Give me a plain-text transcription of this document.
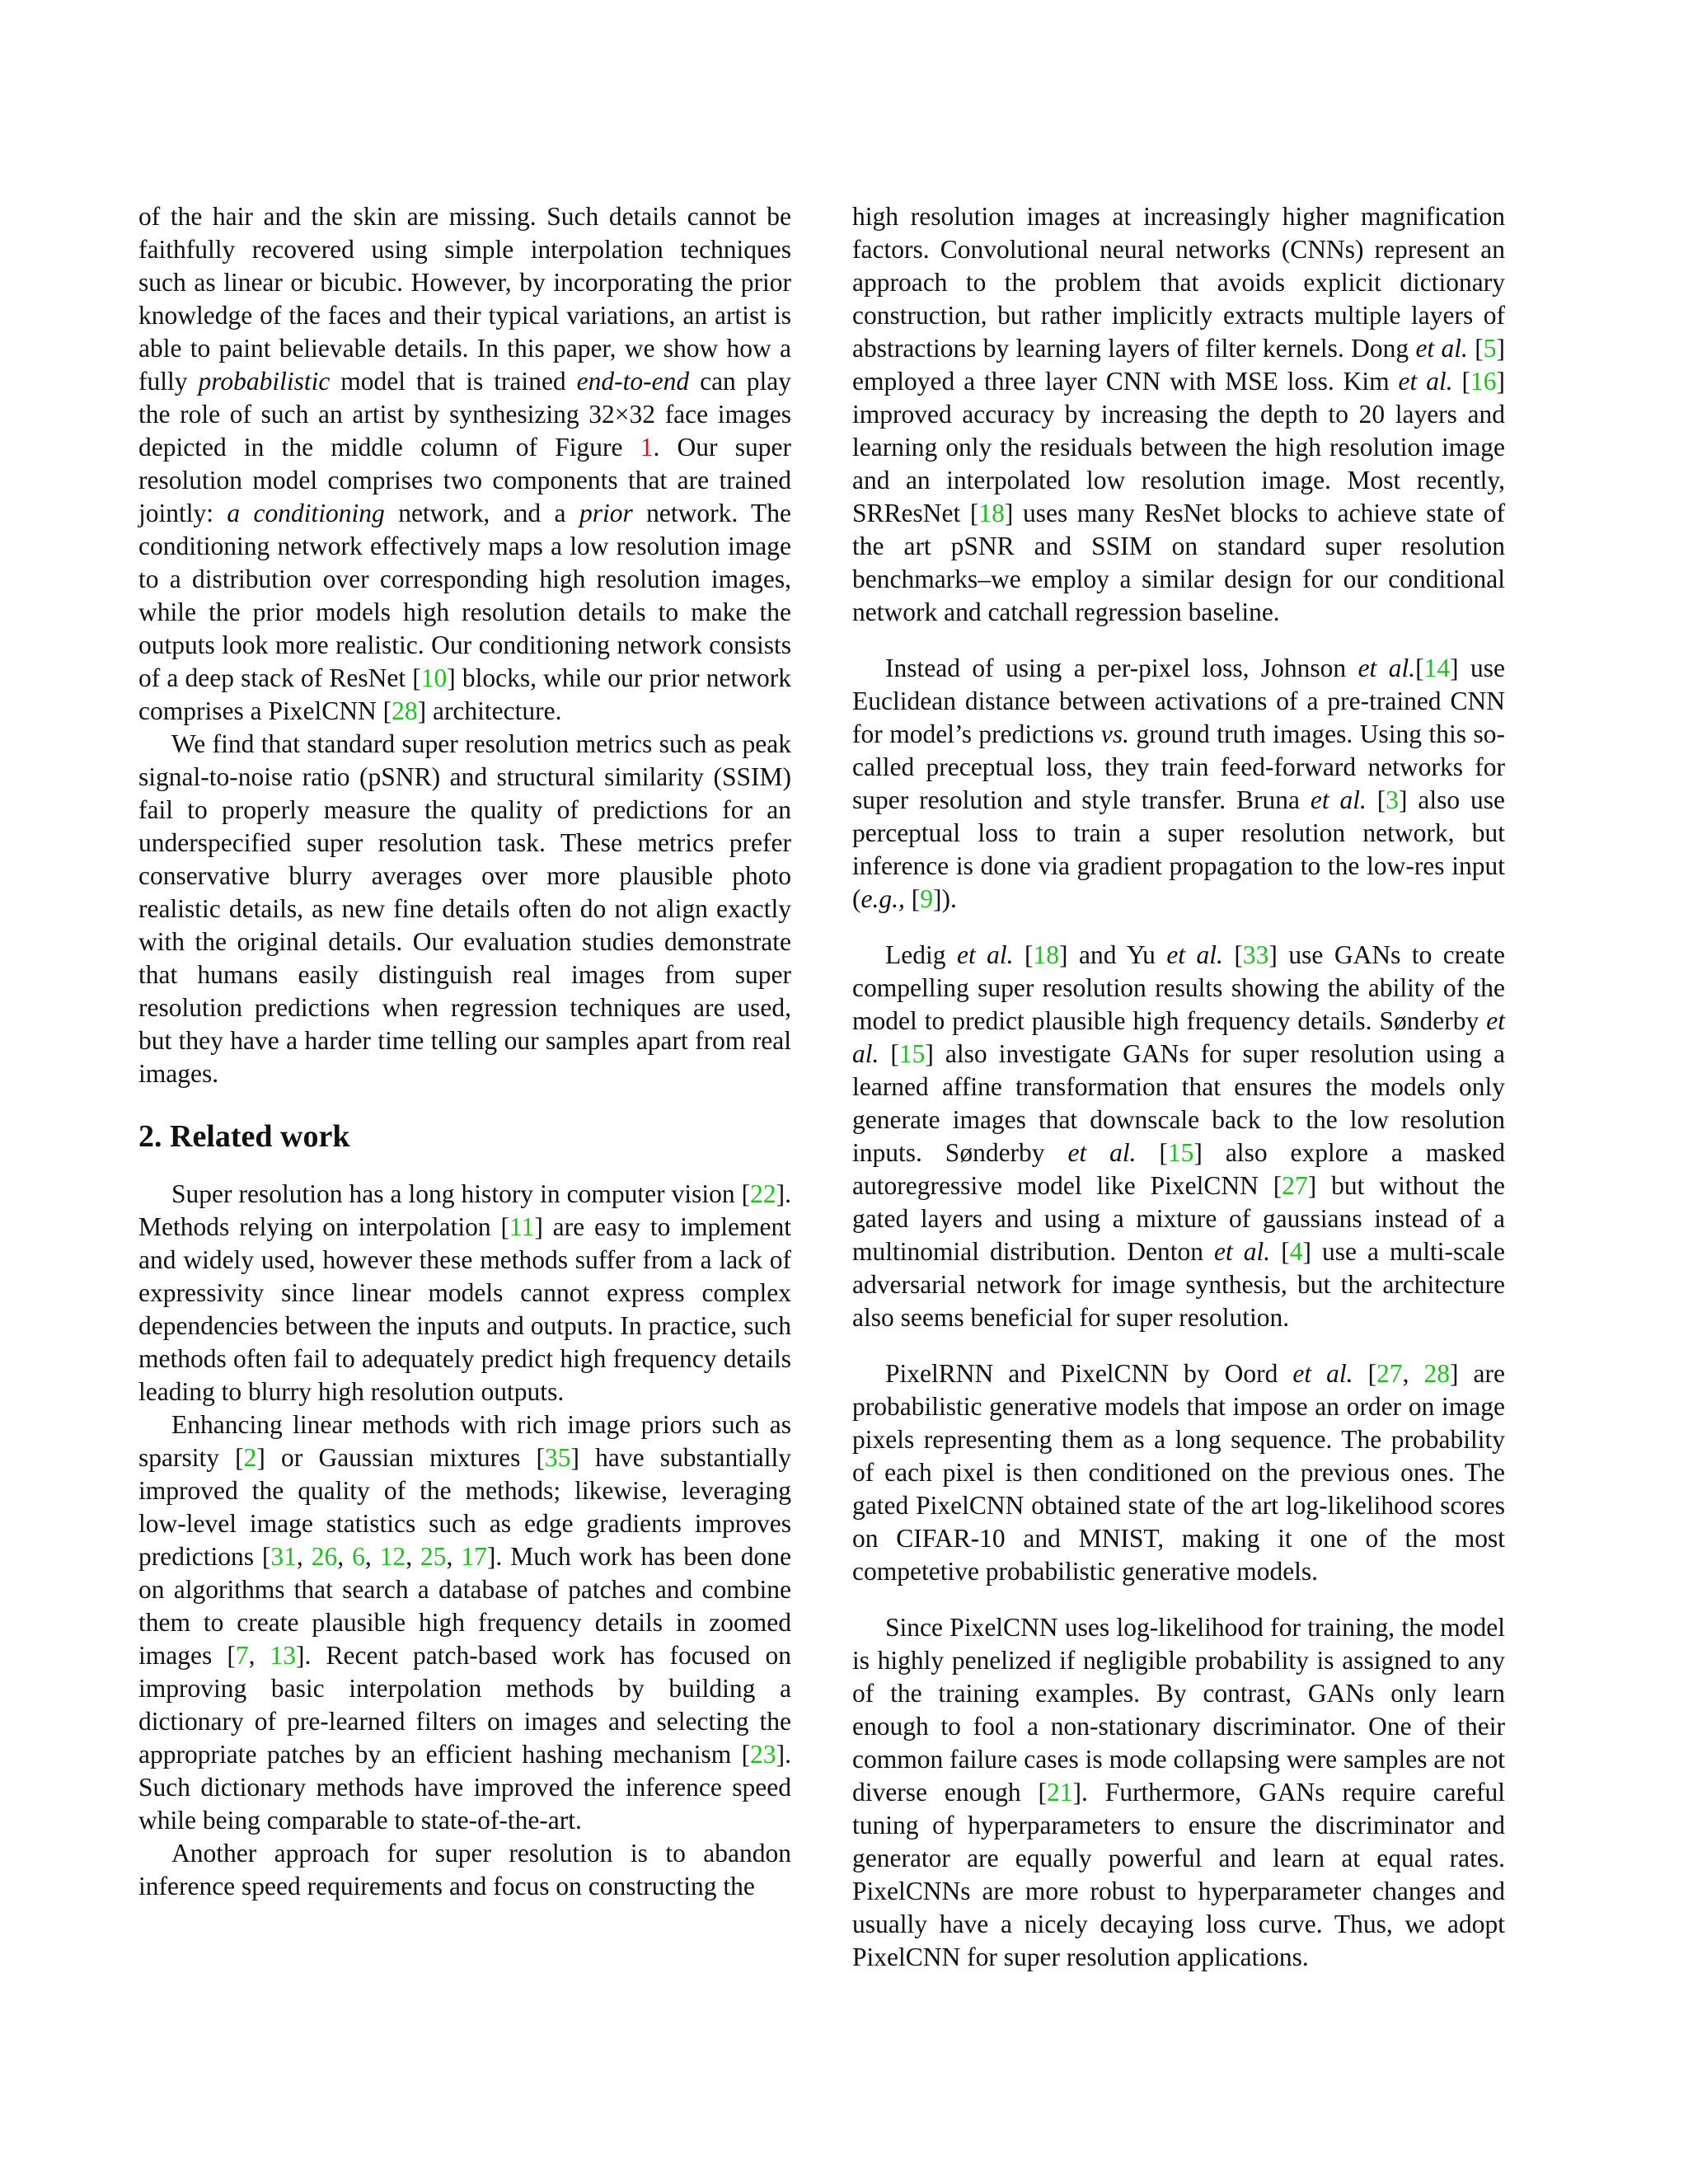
of the hair and the skin are missing. Such details cannot be faithfully recovered using simple interpolation techniques such as linear or bicubic. However, by incorporating the prior knowledge of the faces and their typical variations, an artist is able to paint believable details. In this paper, we show how a fully probabilistic model that is trained end-to-end can play the role of such an artist by synthesizing 32×32 face images depicted in the middle column of Figure 1. Our super resolution model comprises two components that are trained jointly: a conditioning network, and a prior network. The conditioning network effectively maps a low resolution image to a distribution over corresponding high resolution images, while the prior models high resolution details to make the outputs look more realistic. Our conditioning network consists of a deep stack of ResNet [10] blocks, while our prior network comprises a PixelCNN [28] architecture.

We find that standard super resolution metrics such as peak signal-to-noise ratio (pSNR) and structural similarity (SSIM) fail to properly measure the quality of predictions for an underspecified super resolution task. These metrics prefer conservative blurry averages over more plausible photo realistic details, as new fine details often do not align exactly with the original details. Our evaluation studies demonstrate that humans easily distinguish real images from super resolution predictions when regression techniques are used, but they have a harder time telling our samples apart from real images.

2. Related work

Super resolution has a long history in computer vision [22]. Methods relying on interpolation [11] are easy to implement and widely used, however these methods suffer from a lack of expressivity since linear models cannot express complex dependencies between the inputs and outputs. In practice, such methods often fail to adequately predict high frequency details leading to blurry high resolution outputs.

Enhancing linear methods with rich image priors such as sparsity [2] or Gaussian mixtures [35] have substantially improved the quality of the methods; likewise, leveraging low-level image statistics such as edge gradients improves predictions [31, 26, 6, 12, 25, 17]. Much work has been done on algorithms that search a database of patches and combine them to create plausible high frequency details in zoomed images [7, 13]. Recent patch-based work has focused on improving basic interpolation methods by building a dictionary of pre-learned filters on images and selecting the appropriate patches by an efficient hashing mechanism [23]. Such dictionary methods have improved the inference speed while being comparable to state-of-the-art.

Another approach for super resolution is to abandon inference speed requirements and focus on constructing the

high resolution images at increasingly higher magnification factors. Convolutional neural networks (CNNs) represent an approach to the problem that avoids explicit dictionary construction, but rather implicitly extracts multiple layers of abstractions by learning layers of filter kernels. Dong et al. [5] employed a three layer CNN with MSE loss. Kim et al. [16] improved accuracy by increasing the depth to 20 layers and learning only the residuals between the high resolution image and an interpolated low resolution image. Most recently, SRResNet [18] uses many ResNet blocks to achieve state of the art pSNR and SSIM on standard super resolution benchmarks–we employ a similar design for our conditional network and catchall regression baseline.

Instead of using a per-pixel loss, Johnson et al.[14] use Euclidean distance between activations of a pre-trained CNN for model’s predictions vs. ground truth images. Using this so-called preceptual loss, they train feed-forward networks for super resolution and style transfer. Bruna et al. [3] also use perceptual loss to train a super resolution network, but inference is done via gradient propagation to the low-res input (e.g., [9]).

Ledig et al. [18] and Yu et al. [33] use GANs to create compelling super resolution results showing the ability of the model to predict plausible high frequency details. Sønderby et al. [15] also investigate GANs for super resolution using a learned affine transformation that ensures the models only generate images that downscale back to the low resolution inputs. Sønderby et al. [15] also explore a masked autoregressive model like PixelCNN [27] but without the gated layers and using a mixture of gaussians instead of a multinomial distribution. Denton et al. [4] use a multi-scale adversarial network for image synthesis, but the architecture also seems beneficial for super resolution.

PixelRNN and PixelCNN by Oord et al. [27, 28] are probabilistic generative models that impose an order on image pixels representing them as a long sequence. The probability of each pixel is then conditioned on the previous ones. The gated PixelCNN obtained state of the art log-likelihood scores on CIFAR-10 and MNIST, making it one of the most competetive probabilistic generative models.

Since PixelCNN uses log-likelihood for training, the model is highly penelized if negligible probability is assigned to any of the training examples. By contrast, GANs only learn enough to fool a non-stationary discriminator. One of their common failure cases is mode collapsing were samples are not diverse enough [21]. Furthermore, GANs require careful tuning of hyperparameters to ensure the discriminator and generator are equally powerful and learn at equal rates. PixelCNNs are more robust to hyperparameter changes and usually have a nicely decaying loss curve. Thus, we adopt PixelCNN for super resolution applications.
